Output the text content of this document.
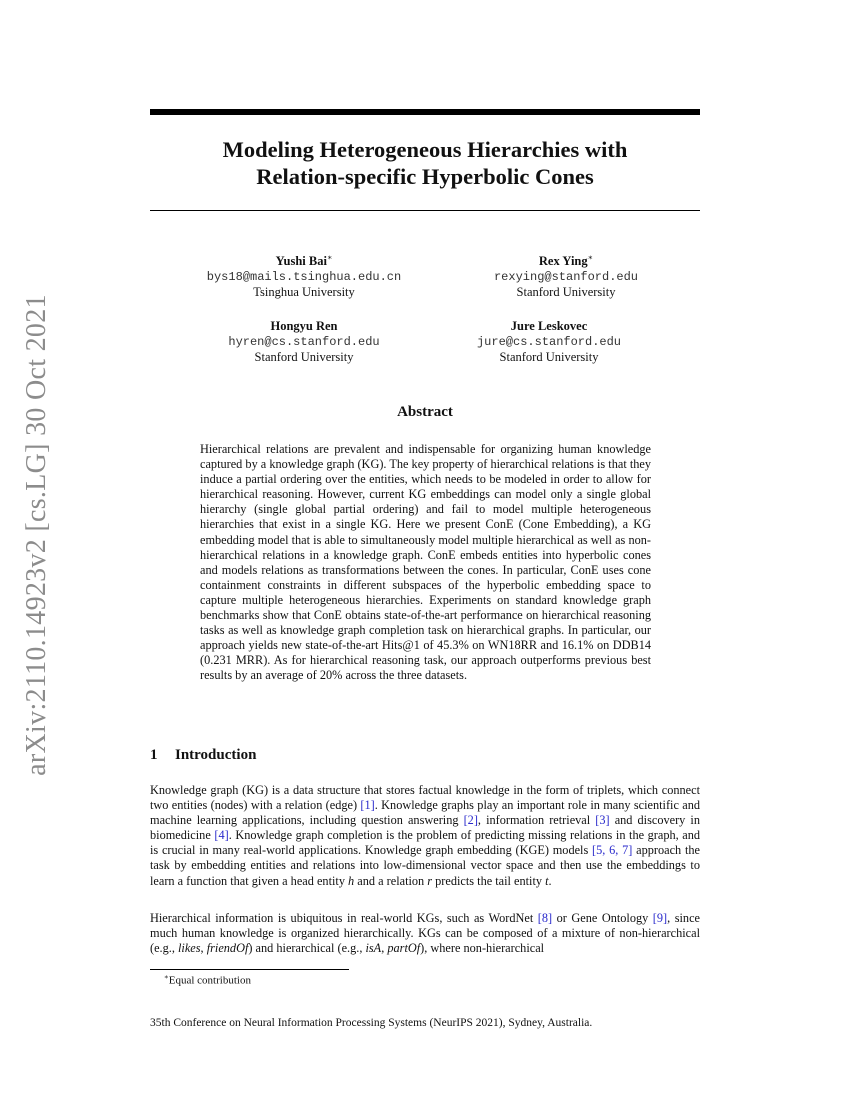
arXiv:2110.14923v2 [cs.LG] 30 Oct 2021
Modeling Heterogeneous Hierarchies with
Relation-specific Hyperbolic Cones
Yushi Bai∗
bys18@mails.tsinghua.edu.cn
Tsinghua University
Rex Ying∗
rexying@stanford.edu
Stanford University
Hongyu Ren
hyren@cs.stanford.edu
Stanford University
Jure Leskovec
jure@cs.stanford.edu
Stanford University
Abstract
Hierarchical relations are prevalent and indispensable for organizing human knowledge captured by a knowledge graph (KG). The key property of hierarchical relations is that they induce a partial ordering over the entities, which needs to be modeled in order to allow for hierarchical reasoning. However, current KG embeddings can model only a single global hierarchy (single global partial ordering) and fail to model multiple heterogeneous hierarchies that exist in a single KG. Here we present ConE (Cone Embedding), a KG embedding model that is able to simultaneously model multiple hierarchical as well as non-hierarchical relations in a knowledge graph. ConE embeds entities into hyperbolic cones and models relations as transformations between the cones. In particular, ConE uses cone containment constraints in different subspaces of the hyperbolic embedding space to capture multiple heterogeneous hierarchies. Experiments on standard knowledge graph benchmarks show that ConE obtains state-of-the-art performance on hierarchical reasoning tasks as well as knowledge graph completion task on hierarchical graphs. In particular, our approach yields new state-of-the-art Hits@1 of 45.3% on WN18RR and 16.1% on DDB14 (0.231 MRR). As for hierarchical reasoning task, our approach outperforms previous best results by an average of 20% across the three datasets.
1 Introduction

Knowledge graph (KG) is a data structure that stores factual knowledge in the form of triplets, which connect two entities (nodes) with a relation (edge) [1]. Knowledge graphs play an important role in many scientific and machine learning applications, including question answering [2], information retrieval [3] and discovery in biomedicine [4]. Knowledge graph completion is the problem of predicting missing relations in the graph, and is crucial in many real-world applications. Knowledge graph embedding (KGE) models [5, 6, 7] approach the task by embedding entities and relations into low-dimensional vector space and then use the embeddings to learn a function that given a head entity h and a relation r predicts the tail entity t.

Hierarchical information is ubiquitous in real-world KGs, such as WordNet [8] or Gene Ontology [9], since much human knowledge is organized hierarchically. KGs can be composed of a mixture of non-hierarchical (e.g., likes, friendOf) and hierarchical (e.g., isA, partOf), where non-hierarchical

∗Equal contribution
35th Conference on Neural Information Processing Systems (NeurIPS 2021), Sydney, Australia.
